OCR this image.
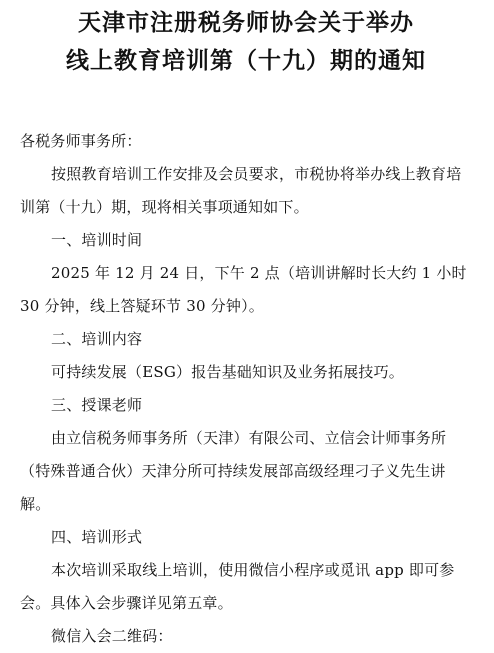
天津市注册税务师协会关于举办
线上教育培训第（十九）期的通知

各税务师事务所：

按照教育培训工作安排及会员要求，市税协将举办线上教育培训第（十九）期，现将相关事项通知如下。

一、培训时间

2025 年 12 月 24 日，下午 2 点（培训讲解时长大约 1 小时 30 分钟，线上答疑环节 30 分钟）。

二、培训内容

可持续发展（ESG）报告基础知识及业务拓展技巧。

三、授课老师

由立信税务师事务所（天津）有限公司、立信会计师事务所（特殊普通合伙）天津分所可持续发展部高级经理刁子义先生讲解。

四、培训形式

本次培训采取线上培训，使用微信小程序或觅讯 app 即可参会。具体入会步骤详见第五章。

微信入会二维码：
